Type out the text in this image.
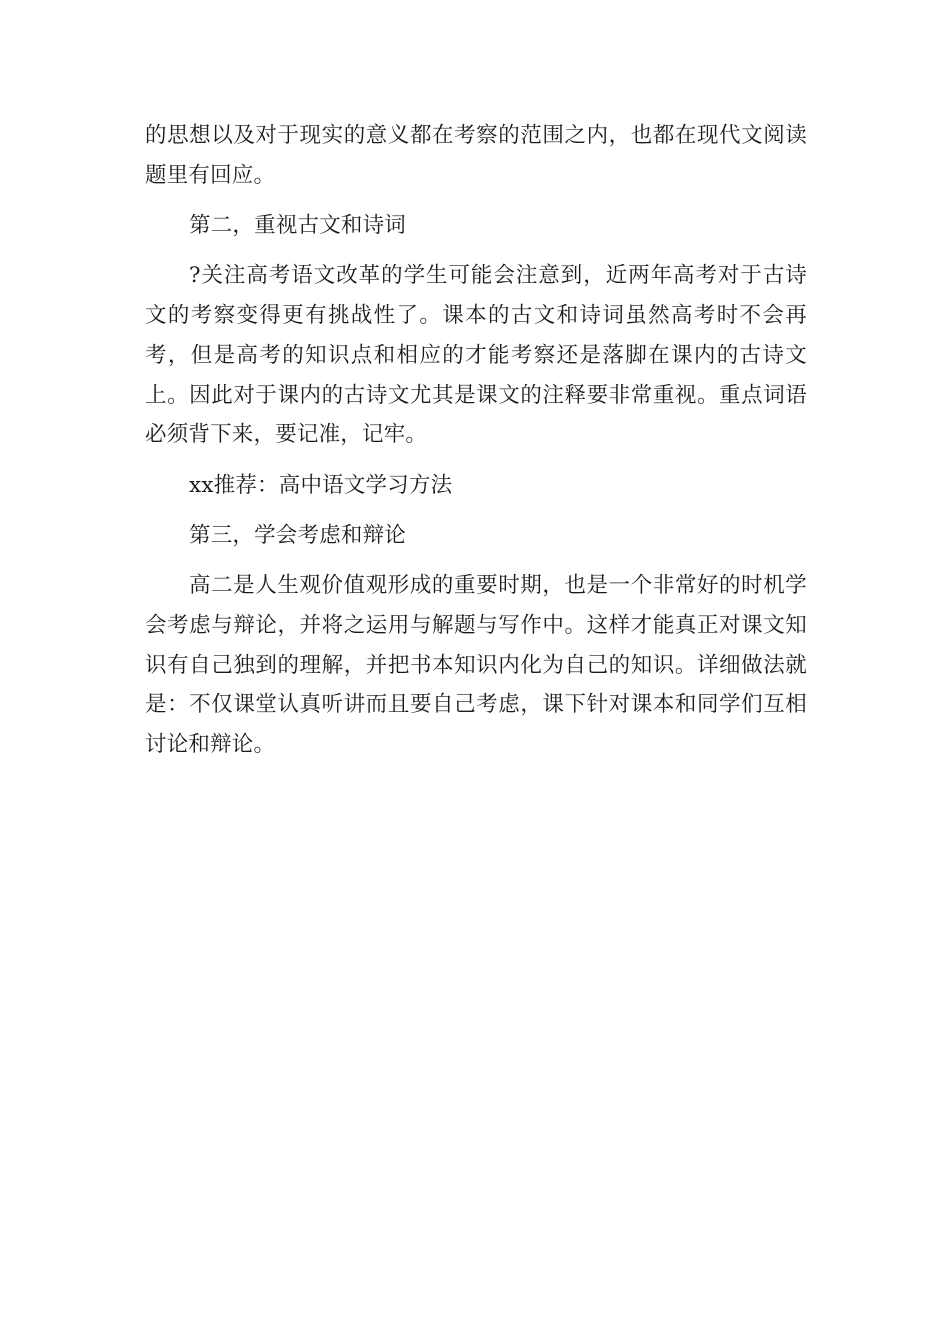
的思想以及对于现实的意义都在考察的范围之内，也都在现代文阅读题里有回应。

第二，重视古文和诗词

?关注高考语文改革的学生可能会注意到，近两年高考对于古诗文的考察变得更有挑战性了。课本的古文和诗词虽然高考时不会再考，但是高考的知识点和相应的才能考察还是落脚在课内的古诗文上。因此对于课内的古诗文尤其是课文的注释要非常重视。重点词语必须背下来，要记准，记牢。

xx推荐：高中语文学习方法

第三，学会考虑和辩论

高二是人生观价值观形成的重要时期，也是一个非常好的时机学会考虑与辩论，并将之运用与解题与写作中。这样才能真正对课文知识有自己独到的理解，并把书本知识内化为自己的知识。详细做法就是：不仅课堂认真听讲而且要自己考虑，课下针对课本和同学们互相讨论和辩论。
